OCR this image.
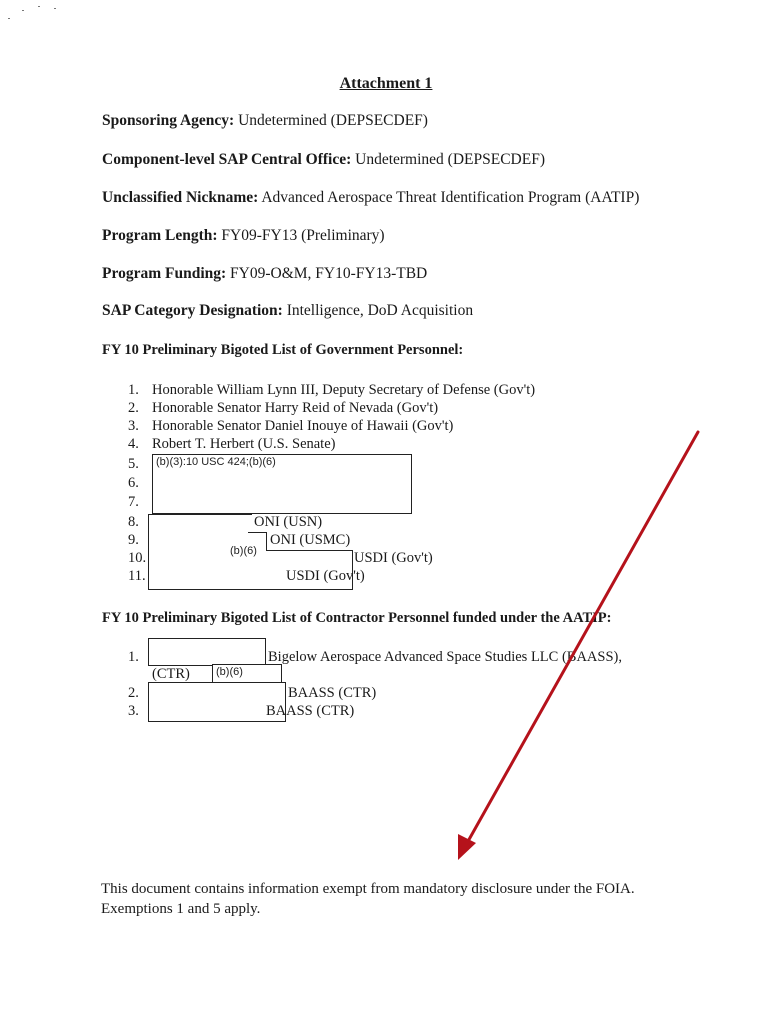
Attachment 1
Sponsoring Agency: Undetermined (DEPSECDEF)
Component-level SAP Central Office: Undetermined (DEPSECDEF)
Unclassified Nickname: Advanced Aerospace Threat Identification Program (AATIP)
Program Length: FY09-FY13 (Preliminary)
Program Funding: FY09-O&M, FY10-FY13-TBD
SAP Category Designation: Intelligence, DoD Acquisition
FY 10 Preliminary Bigoted List of Government Personnel:
1. Honorable William Lynn III, Deputy Secretary of Defense (Gov't)
2. Honorable Senator Harry Reid of Nevada (Gov't)
3. Honorable Senator Daniel Inouye of Hawaii (Gov't)
4. Robert T. Herbert (U.S. Senate)
5.
6.
7.
8.
9.
10.
11.
(b)(3):10 USC 424;(b)(6)
(b)(6)
ONI (USN)
ONI (USMC)
USDI (Gov't)
USDI (Gov't)
FY 10 Preliminary Bigoted List of Contractor Personnel funded under the AATIP:
1.
2.
3.
(b)(6)
Bigelow Aerospace Advanced Space Studies LLC (BAASS),
(CTR)
BAASS (CTR)
BAASS (CTR)
This document contains information exempt from mandatory disclosure under the FOIA.
Exemptions 1 and 5 apply.
